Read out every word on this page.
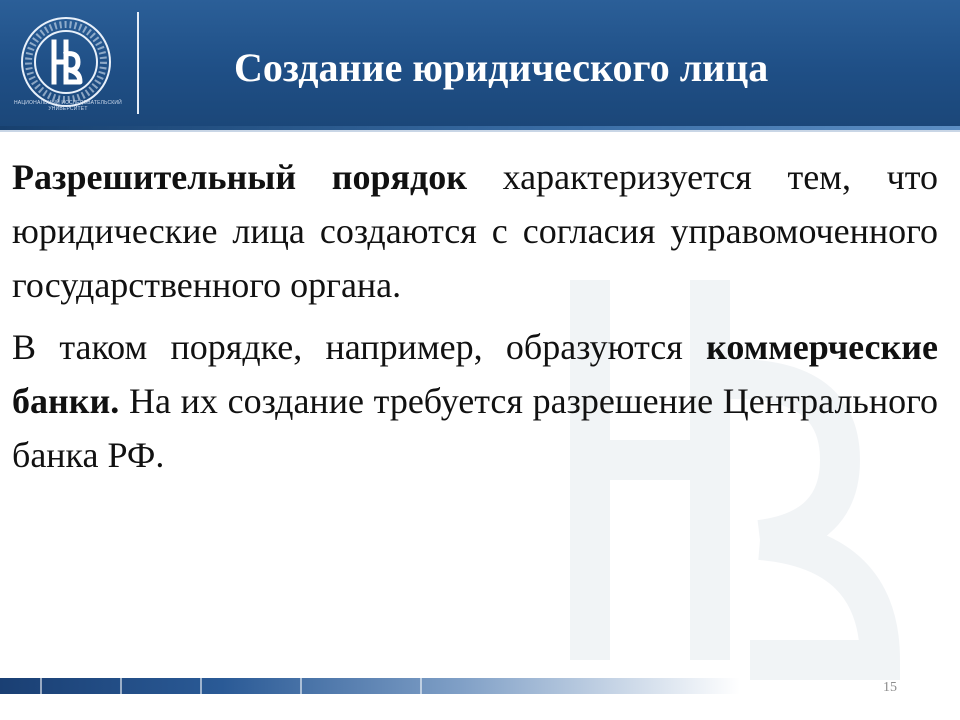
НАЦИОНАЛЬНЫЙ ИССЛЕДОВАТЕЛЬСКИЙ УНИВЕРСИТЕТ
Создание юридического лица

Разрешительный порядок характеризуется тем, что юридические лица создаются с согласия управомоченного государственного органа.

В таком порядке, например, образуются коммерческие банки. На их создание требуется разрешение Центрального банка РФ.

15
